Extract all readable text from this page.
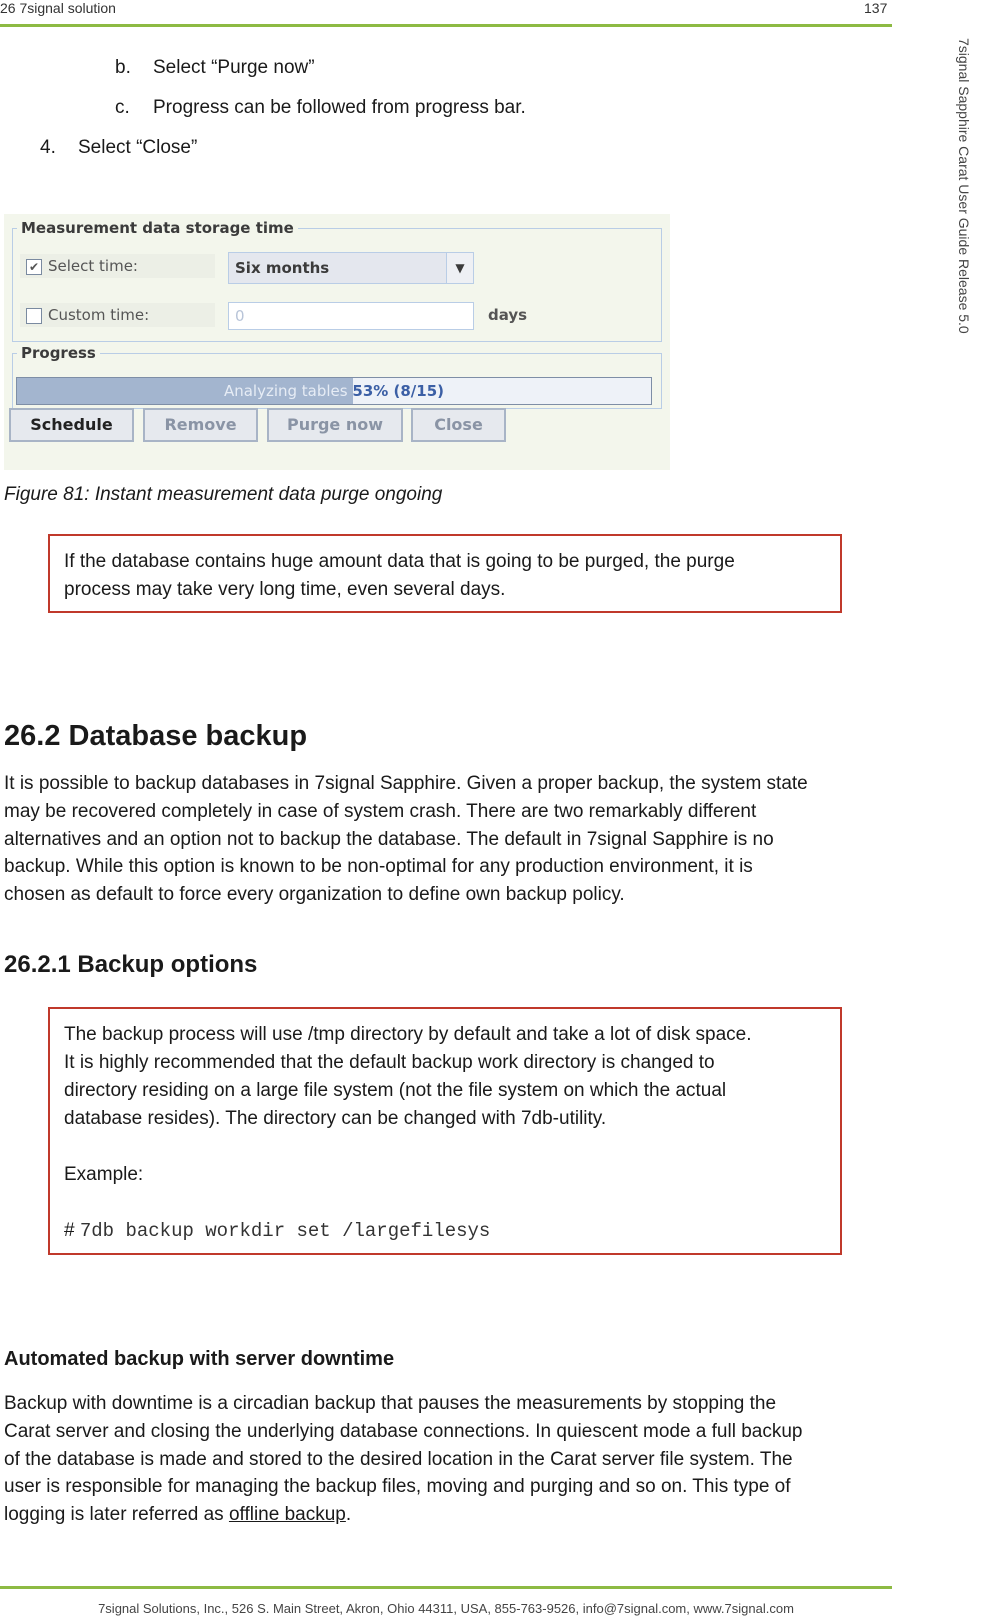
26 7signal solution	137
7signal Sapphire Carat User Guide Release 5.0
b. Select “Purge now”
c. Progress can be followed from progress bar.
4. Select “Close”
Measurement data storage time
✔ Select time:	Six months	▼
Custom time:	0	days
Progress
Analyzing tables 53% (8/15)
Schedule	Remove	Purge now	Close
Figure 81: Instant measurement data purge ongoing
If the database contains huge amount data that is going to be purged, the purge
process may take very long time, even several days.
26.2 Database backup
It is possible to backup databases in 7signal Sapphire. Given a proper backup, the system state
may be recovered completely in case of system crash. There are two remarkably different
alternatives and an option not to backup the database. The default in 7signal Sapphire is no
backup. While this option is known to be non-optimal for any production environment, it is
chosen as default to force every organization to define own backup policy.
26.2.1 Backup options
The backup process will use /tmp directory by default and take a lot of disk space.
It is highly recommended that the default backup work directory is changed to
directory residing on a large file system (not the file system on which the actual
database resides). The directory can be changed with 7db-utility.
Example:
# 7db backup workdir set /largefilesys
Automated backup with server downtime
Backup with downtime is a circadian backup that pauses the measurements by stopping the
Carat server and closing the underlying database connections. In quiescent mode a full backup
of the database is made and stored to the desired location in the Carat server file system. The
user is responsible for managing the backup files, moving and purging and so on. This type of
logging is later referred as offline backup.
7signal Solutions, Inc., 526 S. Main Street, Akron, Ohio 44311, USA, 855-763-9526, info@7signal.com, www.7signal.com
